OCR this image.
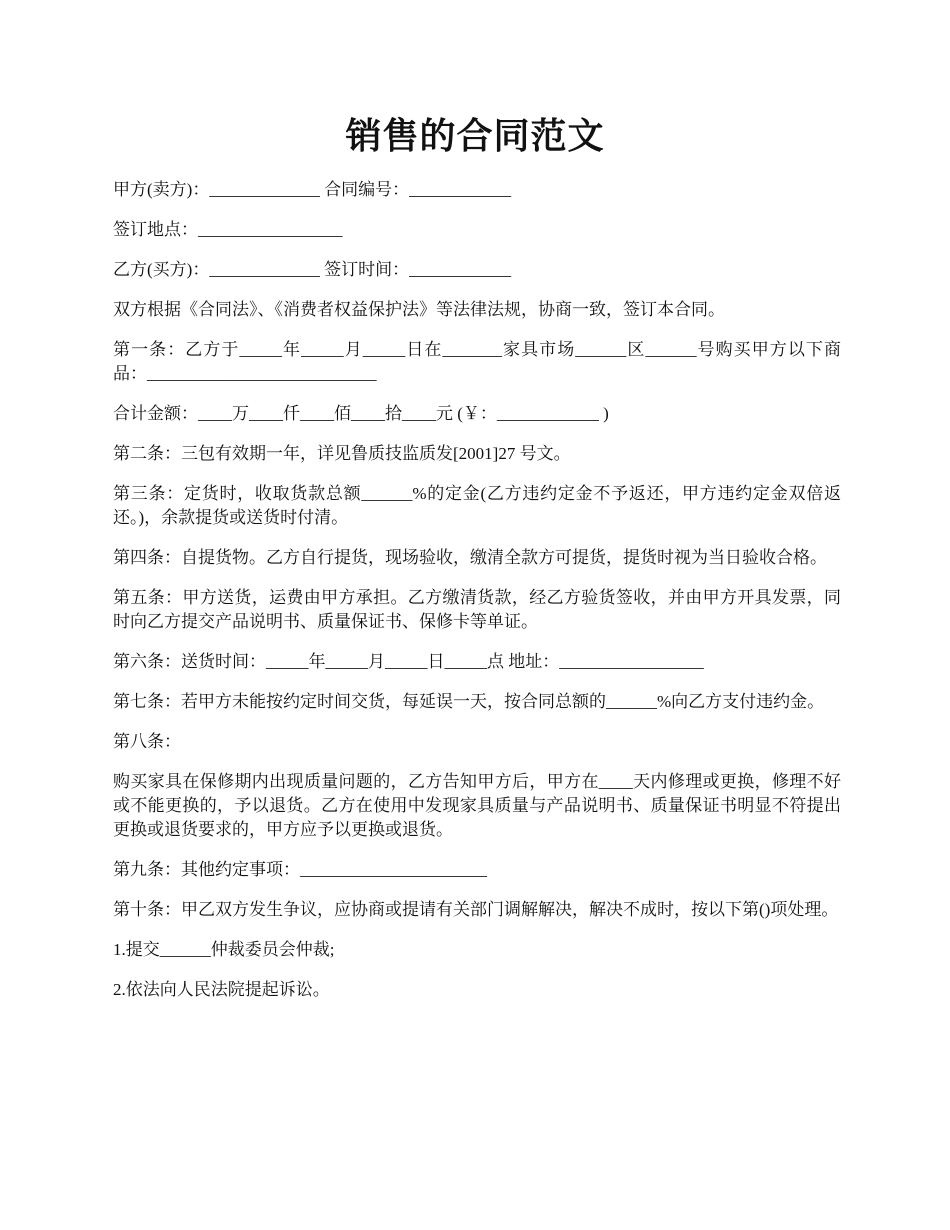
销售的合同范文

甲方(卖方)：_____________ 合同编号：____________

签订地点：_________________

乙方(买方)：_____________ 签订时间：____________

双方根据《合同法》、《消费者权益保护法》等法律法规，协商一致，签订本合同。

第一条：乙方于_____年_____月_____日在_______家具市场______区______号购买甲方以下商品：___________________________

合计金额：____万____仟____佰____拾____元 (￥：____________ )

第二条：三包有效期一年，详见鲁质技监质发[2001]27 号文。

第三条：定货时，收取货款总额______%的定金(乙方违约定金不予返还，甲方违约定金双倍返还。)，余款提货或送货时付清。

第四条：自提货物。乙方自行提货，现场验收，缴清全款方可提货，提货时视为当日验收合格。

第五条：甲方送货，运费由甲方承担。乙方缴清货款，经乙方验货签收，并由甲方开具发票，同时向乙方提交产品说明书、质量保证书、保修卡等单证。

第六条：送货时间：_____年_____月_____日_____点 地址：_________________

第七条：若甲方未能按约定时间交货，每延误一天，按合同总额的______%向乙方支付违约金。

第八条：

购买家具在保修期内出现质量问题的，乙方告知甲方后，甲方在____天内修理或更换，修理不好或不能更换的，予以退货。乙方在使用中发现家具质量与产品说明书、质量保证书明显不符提出更换或退货要求的，甲方应予以更换或退货。

第九条：其他约定事项：______________________

第十条：甲乙双方发生争议，应协商或提请有关部门调解解决，解决不成时，按以下第()项处理。

1.提交______仲裁委员会仲裁;

2.依法向人民法院提起诉讼。
